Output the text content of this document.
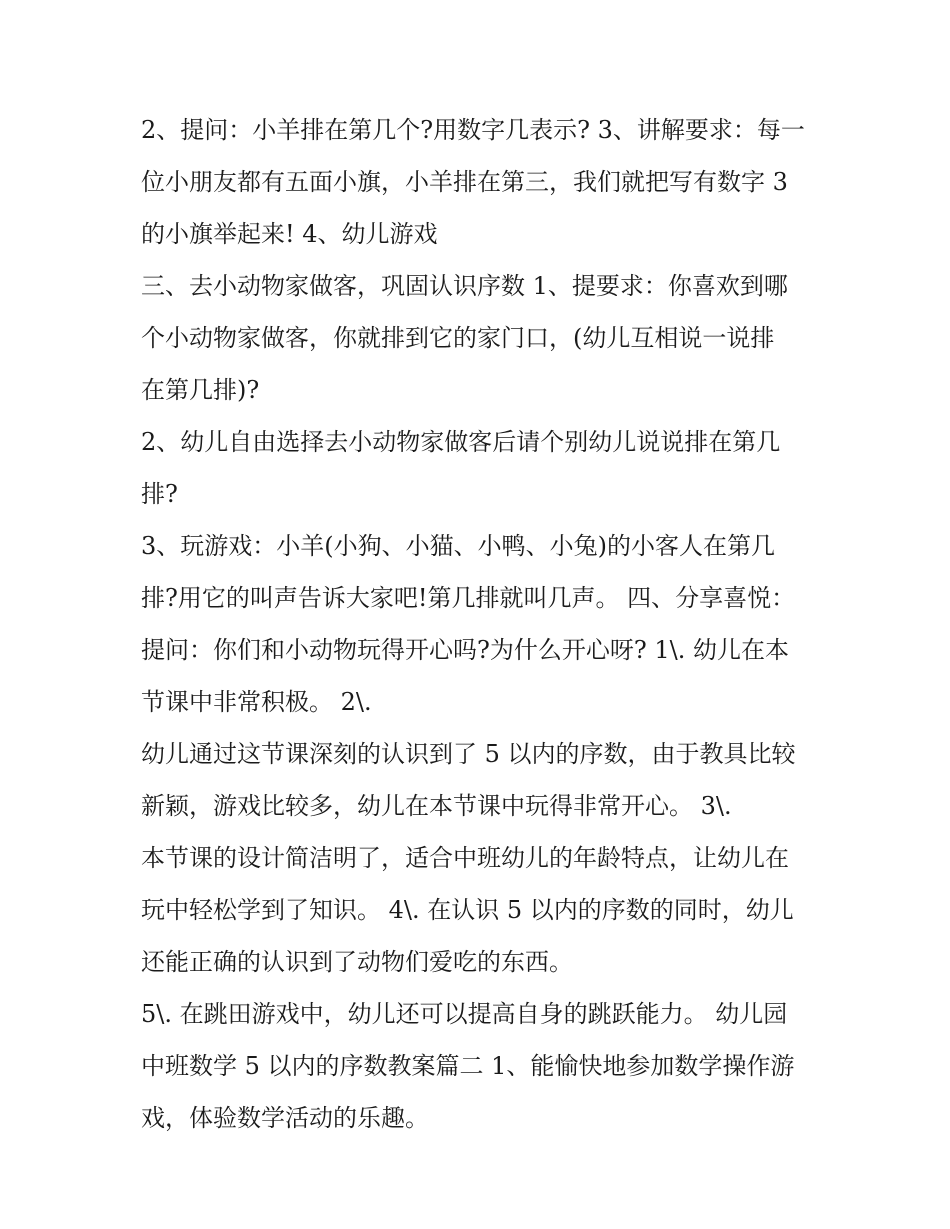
2、提问：小羊排在第几个?用数字几表示? 3、讲解要求：每一
位小朋友都有五面小旗，小羊排在第三，我们就把写有数字 3
的小旗举起来! 4、幼儿游戏
三、去小动物家做客，巩固认识序数 1、提要求：你喜欢到哪
个小动物家做客，你就排到它的家门口，(幼儿互相说一说排
在第几排)?
2、幼儿自由选择去小动物家做客后请个别幼儿说说排在第几
排?
3、玩游戏：小羊(小狗、小猫、小鸭、小兔)的小客人在第几
排?用它的叫声告诉大家吧!第几排就叫几声。 四、分享喜悦：
提问：你们和小动物玩得开心吗?为什么开心呀? 1\. 幼儿在本
节课中非常积极。 2\.
幼儿通过这节课深刻的认识到了 5 以内的序数，由于教具比较
新颖，游戏比较多，幼儿在本节课中玩得非常开心。 3\.
本节课的设计简洁明了，适合中班幼儿的年龄特点，让幼儿在
玩中轻松学到了知识。 4\. 在认识 5 以内的序数的同时，幼儿
还能正确的认识到了动物们爱吃的东西。
5\. 在跳田游戏中，幼儿还可以提高自身的跳跃能力。 幼儿园
中班数学 5 以内的序数教案篇二 1、能愉快地参加数学操作游
戏，体验数学活动的乐趣。
